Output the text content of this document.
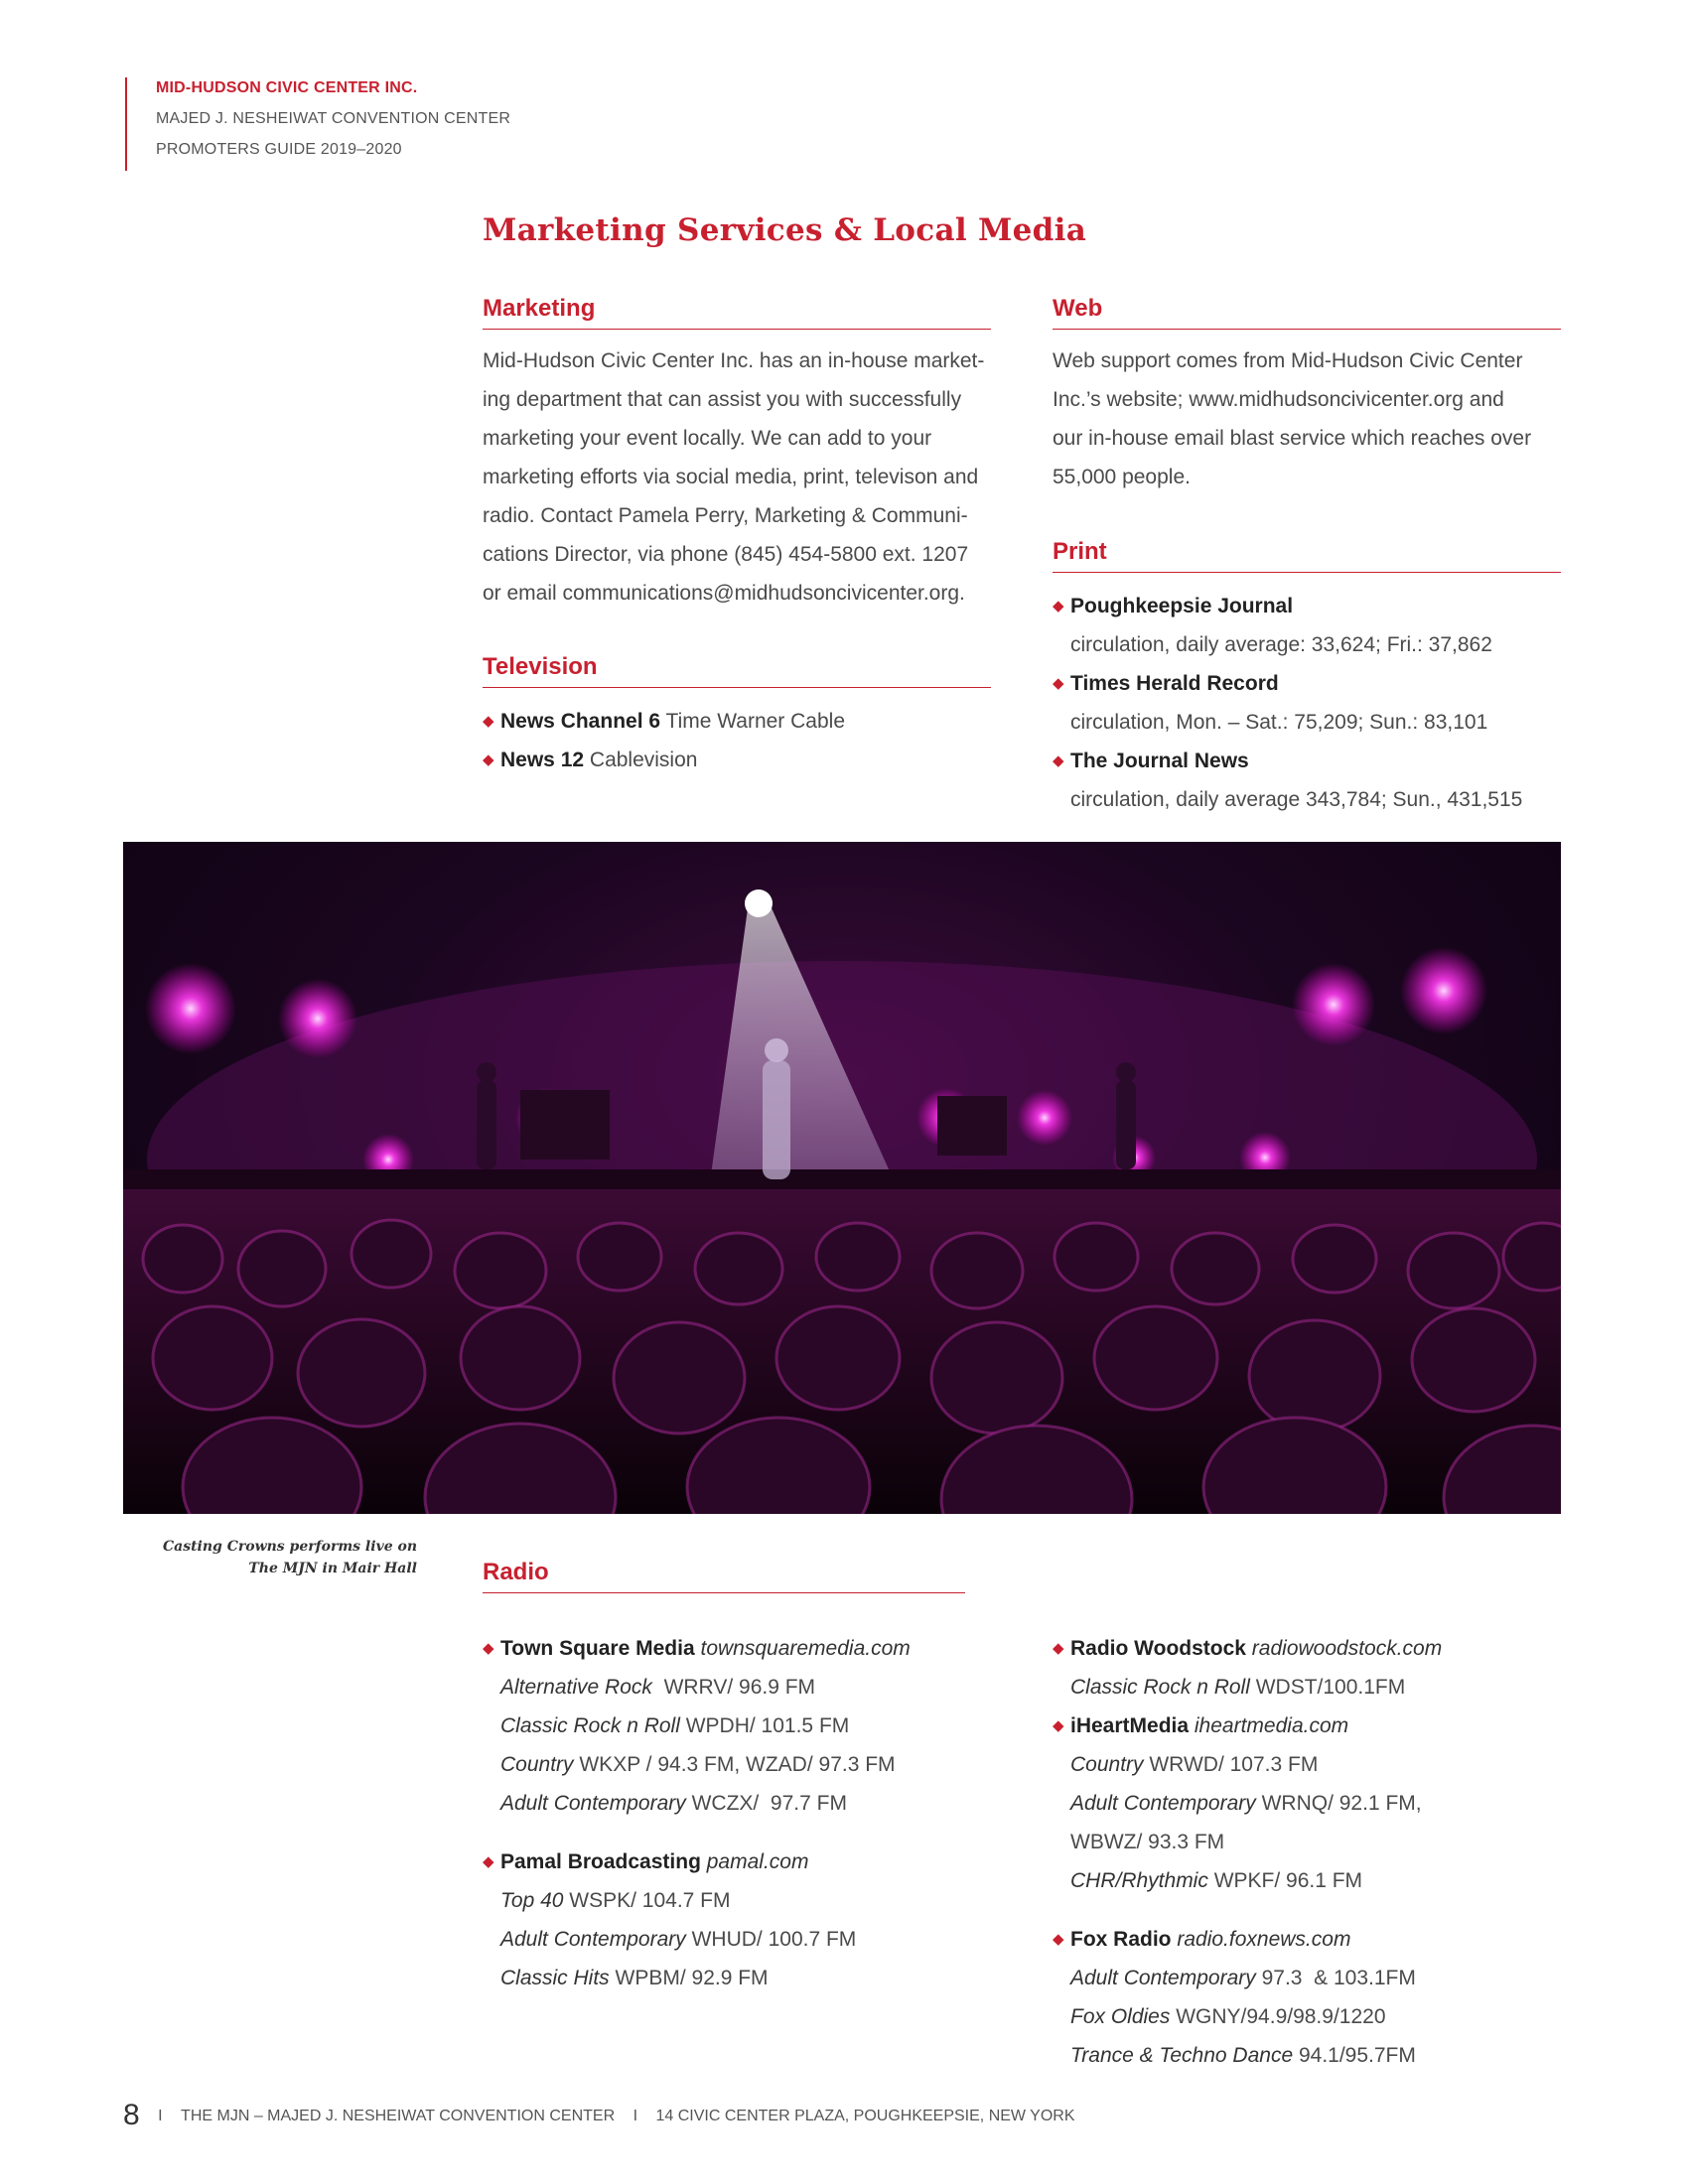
MID-HUDSON CIVIC CENTER INC.
MAJED J. NESHEIWAT CONVENTION CENTER
PROMOTERS GUIDE 2019–2020
Marketing Services & Local Media
Marketing
Mid-Hudson Civic Center Inc. has an in-house market-
ing department that can assist you with successfully
marketing your event locally. We can add to your
marketing efforts via social media, print, televison and
radio. Contact Pamela Perry, Marketing & Communi-
cations Director, via phone (845) 454-5800 ext. 1207
or email communications@midhudsoncivicenter.org.
Television
◆ News Channel 6 Time Warner Cable
◆ News 12 Cablevision
Web
Web support comes from Mid-Hudson Civic Center
Inc.’s website; www.midhudsoncivicenter.org and
our in-house email blast service which reaches over
55,000 people.
Print
◆ Poughkeepsie Journal
circulation, daily average: 33,624; Fri.: 37,862
◆ Times Herald Record
circulation, Mon. – Sat.: 75,209; Sun.: 83,101
◆ The Journal News
circulation, daily average 343,784; Sun., 431,515
Casting Crowns performs live on
The MJN in Mair Hall	Radio
◆ Town Square Media townsquaremedia.com
Alternative Rock  WRRV/ 96.9 FM
Classic Rock n Roll WPDH/ 101.5 FM
Country WKXP / 94.3 FM, WZAD/ 97.3 FM
Adult Contemporary WCZX/  97.7 FM
◆ Pamal Broadcasting pamal.com
Top 40 WSPK/ 104.7 FM
Adult Contemporary WHUD/ 100.7 FM
Classic Hits WPBM/ 92.9 FM
◆ Radio Woodstock radiowoodstock.com
Classic Rock n Roll WDST/100.1FM
◆ iHeartMedia iheartmedia.com
Country WRWD/ 107.3 FM
Adult Contemporary WRNQ/ 92.1 FM,
WBWZ/ 93.3 FM
CHR/Rhythmic WPKF/ 96.1 FM
◆ Fox Radio radio.foxnews.com
Adult Contemporary 97.3  & 103.1FM
Fox Oldies WGNY/94.9/98.9/1220
Trance & Techno Dance 94.1/95.7FM
8 I THE MJN – MAJED J. NESHEIWAT CONVENTION CENTER I 14 CIVIC CENTER PLAZA, POUGHKEEPSIE, NEW YORK
